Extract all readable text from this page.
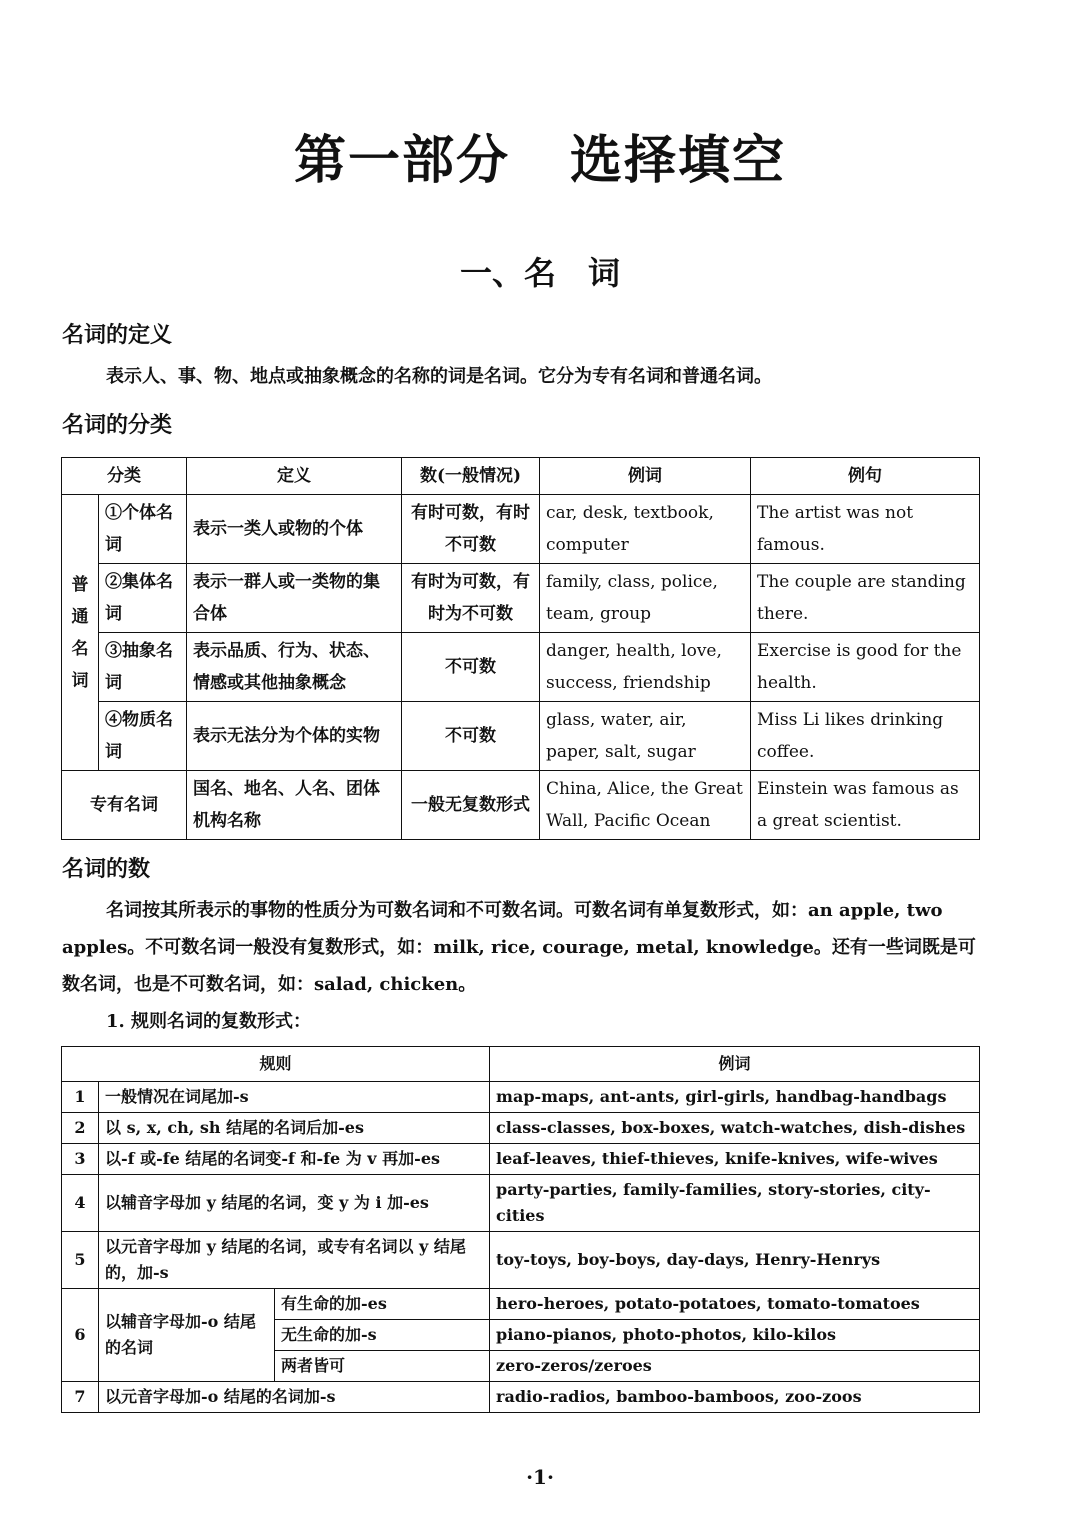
第一部分 选择填空
一、名　词
名词的定义
表示人、事、物、地点或抽象概念的名称的词是名词。它分为专有名词和普通名词。
名词的分类
分类		定义	数(一般情况)	例词	例句
普通名词	①个体名词	表示一类人或物的个体	有时可数，有时不可数	car, desk, textbook, computer	The artist was not famous.
	②集体名词	表示一群人或一类物的集合体	有时为可数，有时为不可数	family, class, police, team, group	The couple are standing there.
	③抽象名词	表示品质、行为、状态、情感或其他抽象概念	不可数	danger, health, love, success, friendship	Exercise is good for the health.
	④物质名词	表示无法分为个体的实物	不可数	glass, water, air, paper, salt, sugar	Miss Li likes drinking coffee.
专有名词		国名、地名、人名、团体机构名称	一般无复数形式	China, Alice, the Great Wall, Pacific Ocean	Einstein was famous as a great scientist.
名词的数
名词按其所表示的事物的性质分为可数名词和不可数名词。可数名词有单复数形式，如：an apple, two apples。不可数名词一般没有复数形式，如：milk, rice, courage, metal, knowledge。还有一些词既是可数名词，也是不可数名词，如：salad, chicken。
1. 规则名词的复数形式：
规则			例词
1	一般情况在词尾加-s		map-maps, ant-ants, girl-girls, handbag-handbags
2	以 s, x, ch, sh 结尾的名词后加-es		class-classes, box-boxes, watch-watches, dish-dishes
3	以-f 或-fe 结尾的名词变-f 和-fe 为 v 再加-es		leaf-leaves, thief-thieves, knife-knives, wife-wives
4	以辅音字母加 y 结尾的名词，变 y 为 i 加-es		party-parties, family-families, story-stories, city-cities
5	以元音字母加 y 结尾的名词，或专有名词以 y 结尾的，加-s		toy-toys, boy-boys, day-days, Henry-Henrys
6	以辅音字母加-o 结尾的名词	有生命的加-es	hero-heroes, potato-potatoes, tomato-tomatoes
		无生命的加-s	piano-pianos, photo-photos, kilo-kilos
		两者皆可	zero-zeros/zeroes
7	以元音字母加-o 结尾的名词加-s		radio-radios, bamboo-bamboos, zoo-zoos
·1·
